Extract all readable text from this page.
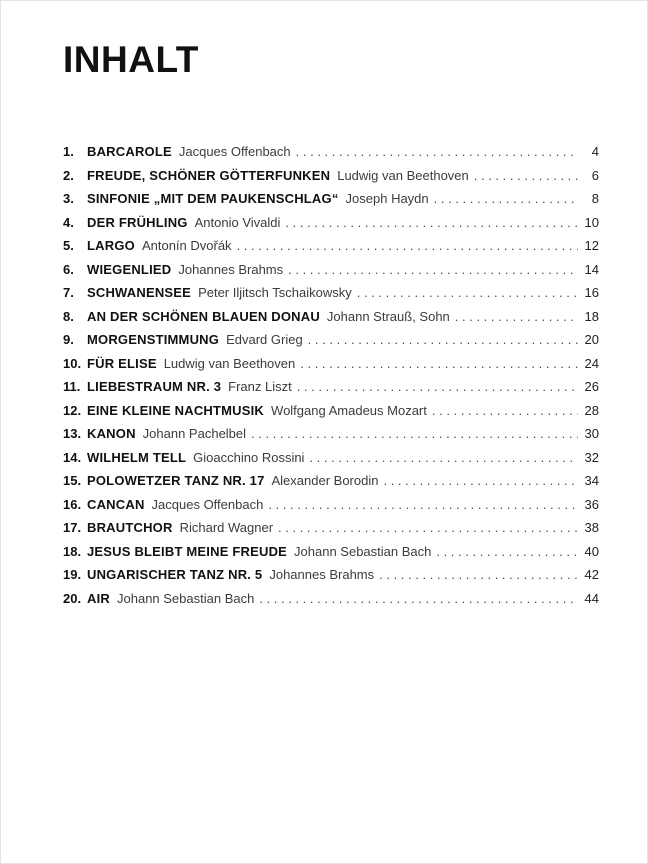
INHALT
1.	BARCAROLE Jacques Offenbach . . .	4
2.	FREUDE, SCHÖNER GÖTTERFUNKEN Ludwig van Beethoven . . .	6
3.	SINFONIE „MIT DEM PAUKENSCHLAG“ Joseph Haydn . . .	8
4.	DER FRÜHLING Antonio Vivaldi . . .	10
5.	LARGO Antonín Dvořák . . .	12
6.	WIEGENLIED Johannes Brahms . . .	14
7.	SCHWANENSEE Peter Iljitsch Tschaikowsky . . .	16
8.	AN DER SCHÖNEN BLAUEN DONAU Johann Strauß, Sohn . . .	18
9.	MORGENSTIMMUNG Edvard Grieg . . .	20
10. FÜR ELISE Ludwig van Beethoven . . .	24
11. LIEBESTRAUM NR. 3 Franz Liszt . . .	26
12. EINE KLEINE NACHTMUSIK Wolfgang Amadeus Mozart . . .	28
13. KANON Johann Pachelbel . . .	30
14. WILHELM TELL Gioacchino Rossini . . .	32
15. POLOWETZER TANZ NR. 17 Alexander Borodin . . .	34
16. CANCAN Jacques Offenbach . . .	36
17. BRAUTCHOR Richard Wagner . . .	38
18. JESUS BLEIBT MEINE FREUDE Johann Sebastian Bach . . .	40
19. UNGARISCHER TANZ NR. 5 Johannes Brahms . . .	42
20. AIR Johann Sebastian Bach . . .	44
